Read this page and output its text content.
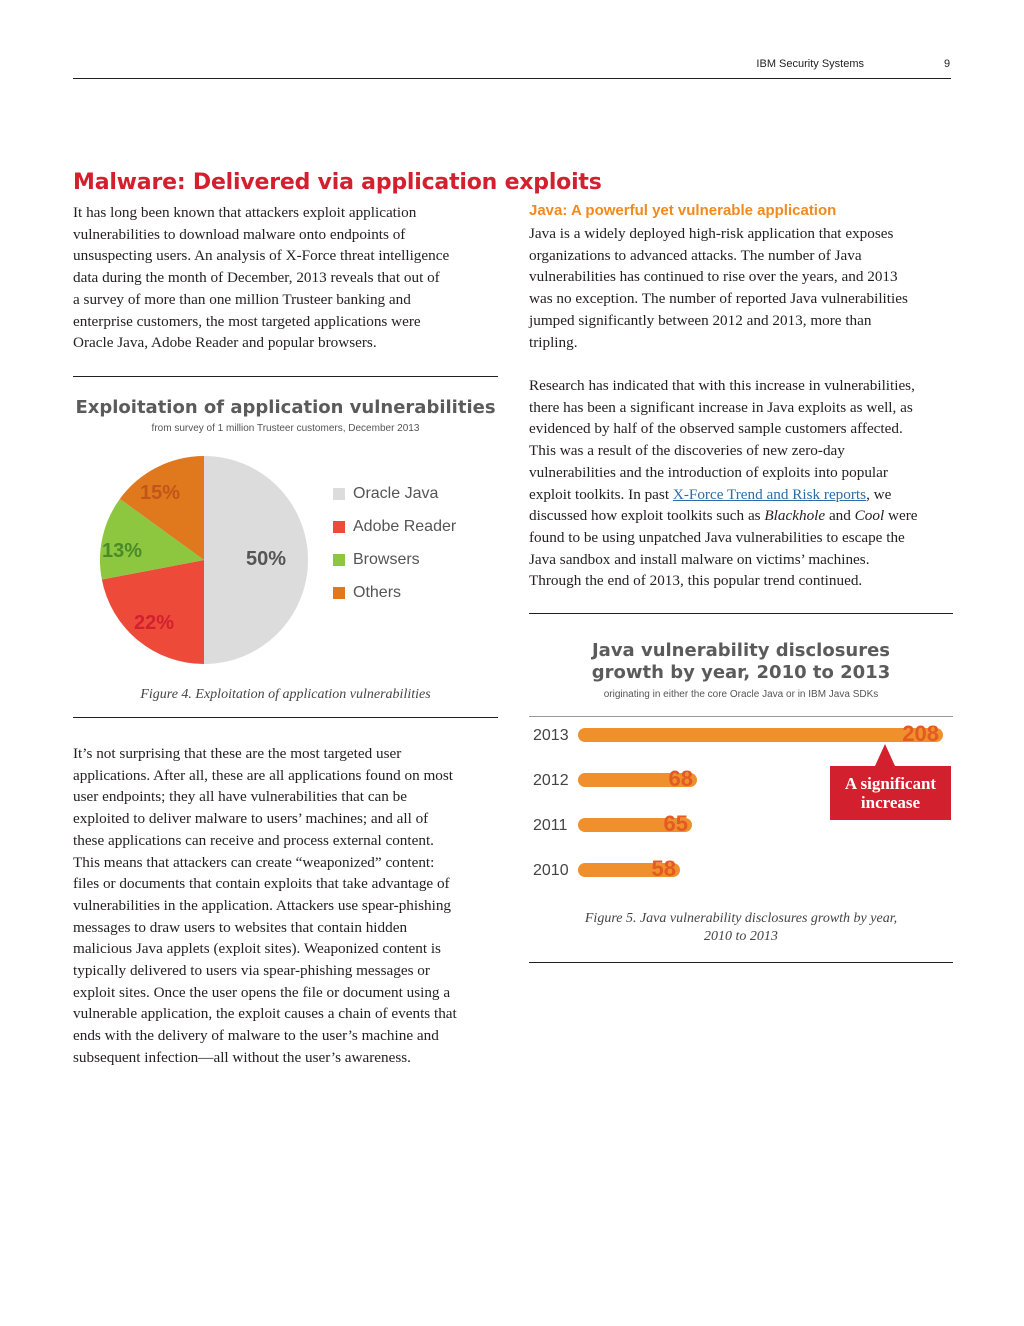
IBM Security Systems	9
Malware: Delivered via application exploits
It has long been known that attackers exploit application
vulnerabilities to download malware onto endpoints of
unsuspecting users. An analysis of X-Force threat intelligence
data during the month of December, 2013 reveals that out of
a survey of more than one million Trusteer banking and
enterprise customers, the most targeted applications were
Oracle Java, Adobe Reader and popular browsers.
Exploitation of application vulnerabilities
from survey of 1 million Trusteer customers, December 2013
50%
22%
13%
15%	Oracle Java
Adobe Reader
Browsers
Others
Figure 4. Exploitation of application vulnerabilities
It’s not surprising that these are the most targeted user
applications. After all, these are all applications found on most
user endpoints; they all have vulnerabilities that can be
exploited to deliver malware to users’ machines; and all of
these applications can receive and process external content.
This means that attackers can create “weaponized” content:
files or documents that contain exploits that take advantage of
vulnerabilities in the application. Attackers use spear-phishing
messages to draw users to websites that contain hidden
malicious Java applets (exploit sites). Weaponized content is
typically delivered to users via spear-phishing messages or
exploit sites. Once the user opens the file or document using a
vulnerable application, the exploit causes a chain of events that
ends with the delivery of malware to the user’s machine and
subsequent infection—all without the user’s awareness.
Java: A powerful yet vulnerable application
Java is a widely deployed high-risk application that exposes
organizations to advanced attacks. The number of Java
vulnerabilities has continued to rise over the years, and 2013
was no exception. The number of reported Java vulnerabilities
jumped significantly between 2012 and 2013, more than
tripling.
Research has indicated that with this increase in vulnerabilities,
there has been a significant increase in Java exploits as well, as
evidenced by half of the observed sample customers affected.
This was a result of the discoveries of new zero-day
vulnerabilities and the introduction of exploits into popular
exploit toolkits. In past X-Force Trend and Risk reports, we
discussed how exploit toolkits such as Blackhole and Cool were
found to be using unpatched Java vulnerabilities to escape the
Java sandbox and install malware on victims’ machines.
Through the end of 2013, this popular trend continued.
Java vulnerability disclosures
growth by year, 2010 to 2013
originating in either the core Oracle Java or in IBM Java SDKs
2013
2012
2011
2010
208
68
65
58
A significant
increase
Figure 5. Java vulnerability disclosures growth by year,
2010 to 2013
